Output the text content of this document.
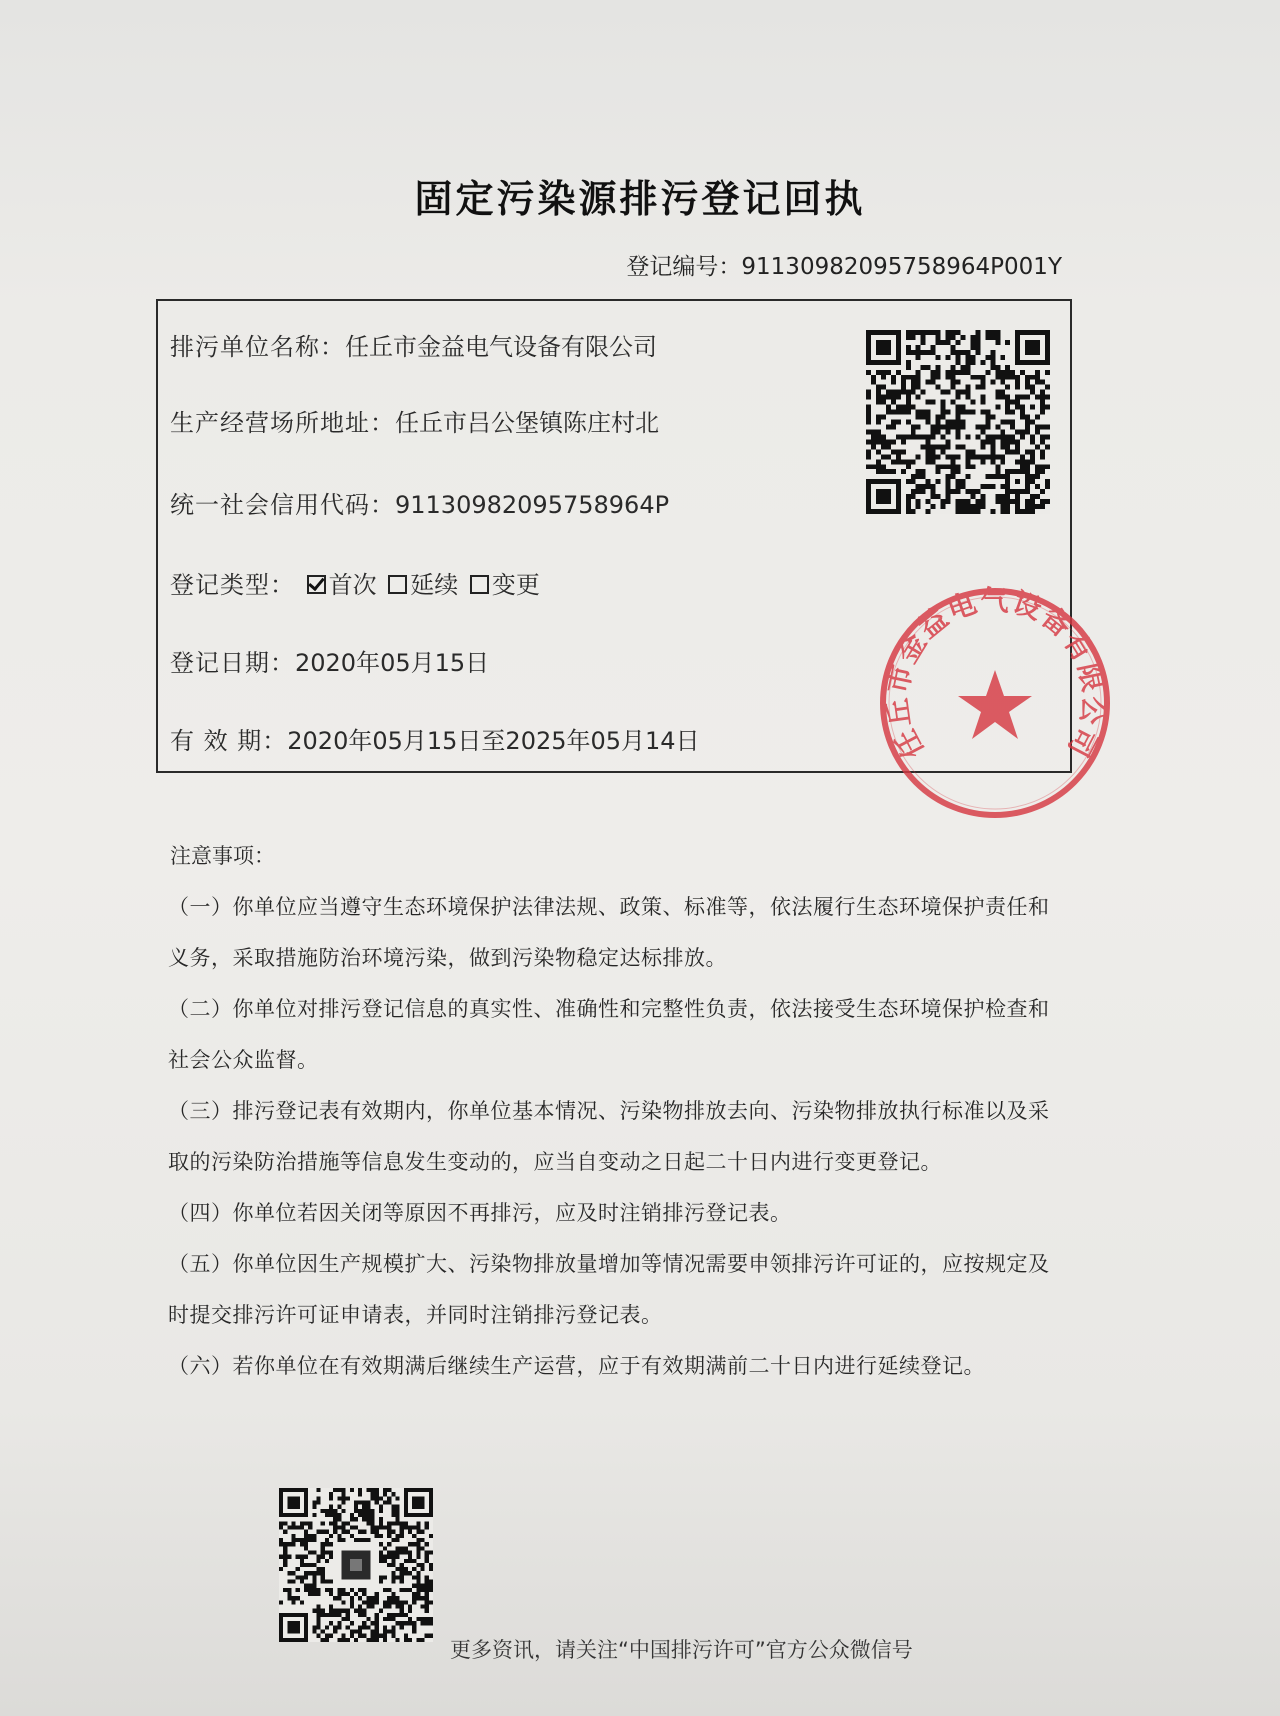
固定污染源排污登记回执
登记编号：91130982095758964P001Y
排污单位名称：任丘市金益电气设备有限公司
生产经营场所地址：任丘市吕公堡镇陈庄村北
统一社会信用代码：91130982095758964P
登记类型： 首次 延续 变更
登记日期：2020年05月15日
有 效 期：2020年05月15日至2025年05月14日	任丘市金益电气设备有限公司
注意事项：

（一）你单位应当遵守生态环境保护法律法规、政策、标准等，依法履行生态环境保护责任和义务，采取措施防治环境污染，做到污染物稳定达标排放。

（二）你单位对排污登记信息的真实性、准确性和完整性负责，依法接受生态环境保护检查和社会公众监督。

（三）排污登记表有效期内，你单位基本情况、污染物排放去向、污染物排放执行标准以及采取的污染防治措施等信息发生变动的，应当自变动之日起二十日内进行变更登记。

（四）你单位若因关闭等原因不再排污，应及时注销排污登记表。

（五）你单位因生产规模扩大、污染物排放量增加等情况需要申领排污许可证的，应按规定及时提交排污许可证申请表，并同时注销排污登记表。

（六）若你单位在有效期满后继续生产运营，应于有效期满前二十日内进行延续登记。

更多资讯，请关注“中国排污许可”官方公众微信号
